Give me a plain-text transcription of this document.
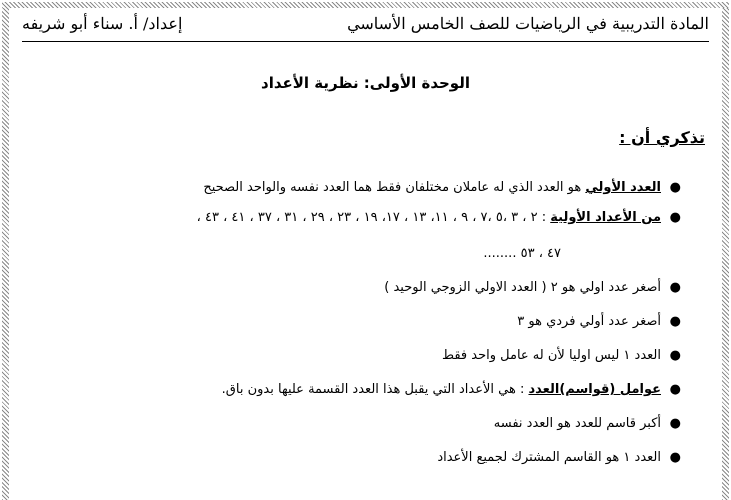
المادة التدريبية في الرياضيات للصف الخامس الأساسي
إعداد/ أ. سناء أبو شريفه
الوحدة الأولى: نظرية الأعداد
تذكري أن :
●
العدد الأولي هو العدد الذي له عاملان مختلفان فقط هما العدد نفسه والواحد الصحيح
●
من الأعداد الأولية : ٢ ، ٣ ،٥ ،٧ ، ٩ ، ١١، ١٣ ، ١٧، ١٩ ، ٢٣ ، ٢٩ ، ٣١ ، ٣٧ ، ٤١ ، ٤٣ ،
٤٧ ، ٥٣ ........
●
أصغر عدد اولي هو ٢ ( العدد الاولي الزوجي الوحيد )
●
أصغر عدد أولي فردي هو ٣
●
العدد ١ ليس اوليا لأن له عامل واحد فقط
●
عوامل (قواسم)العدد : هي الأعداد التي يقبل هذا العدد القسمة عليها بدون باق.
●
أكبر قاسم للعدد هو العدد نفسه
●
العدد ١ هو القاسم المشترك لجميع الأعداد
